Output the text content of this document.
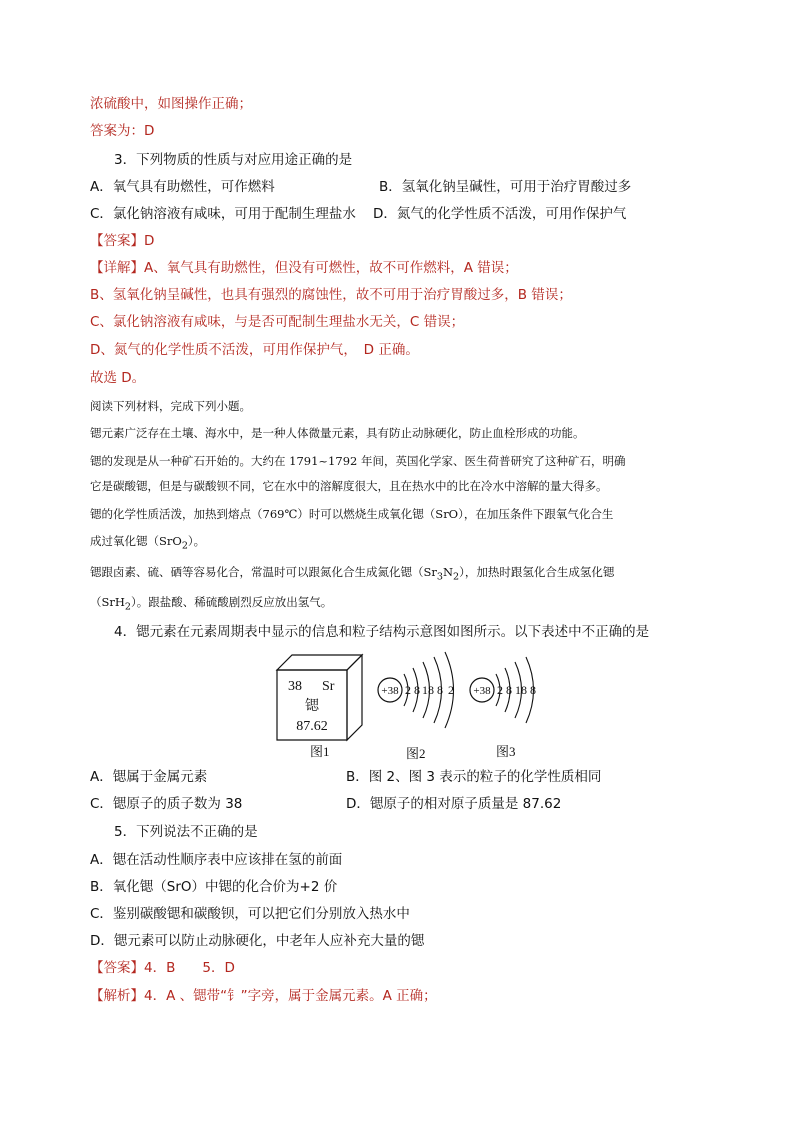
浓硫酸中，如图操作正确；
答案为：D
3．下列物质的性质与对应用途正确的是
A．氧气具有助燃性，可作燃料	B．氢氧化钠呈碱性，可用于治疗胃酸过多
C．氯化钠溶液有咸味，可用于配制生理盐水 D．氮气的化学性质不活泼，可用作保护气
【答案】D
【详解】A、氧气具有助燃性，但没有可燃性，故不可作燃料，A 错误；
B、氢氧化钠呈碱性，也具有强烈的腐蚀性，故不可用于治疗胃酸过多，B 错误；
C、氯化钠溶液有咸味，与是否可配制生理盐水无关，C 错误；
D、氮气的化学性质不活泼，可用作保护气，　D 正确。
故选 D。
阅读下列材料，完成下列小题。
锶元素广泛存在土壤、海水中，是一种人体微量元素，具有防止动脉硬化，防止血栓形成的功能。
锶的发现是从一种矿石开始的。大约在 1791~1792 年间，英国化学家、医生荷普研究了这种矿石，明确
它是碳酸锶，但是与碳酸钡不同，它在水中的溶解度很大，且在热水中的比在冷水中溶解的量大得多。
锶的化学性质活泼，加热到熔点（769℃）时可以燃烧生成氧化锶（SrO），在加压条件下跟氧气化合生
成过氧化锶（SrO$_2$）。
锶跟卤素、硫、硒等容易化合，常温时可以跟氮化合生成氮化锶$(Sr_3N_2)$，加热时跟氢化合生成氢化锶
（SrH$_2$）。跟盐酸、稀硫酸剧烈反应放出氢气。
4．锶元素在元素周期表中显示的信息和粒子结构示意图如图所示。以下表述中不正确的是
38 Sr
锶
87.62
+38 2 8 18 8 2 +38 2 8 18 8
图1	图2	图3
A．锶属于金属元素	B．图 2、图 3 表示的粒子的化学性质相同
C．锶原子的质子数为 38	D．锶原子的相对原子质量是 87.62
5．下列说法不正确的是
A．锶在活动性顺序表中应该排在氢的前面
B．氧化锶（SrO）中锶的化合价为+2 价
C．鉴别碳酸锶和碳酸钡，可以把它们分别放入热水中
D．锶元素可以防止动脉硬化，中老年人应补充大量的锶
【答案】4．B　　5．D
【解析】4．A 、锶带“钅”字旁，属于金属元素。A 正确；
